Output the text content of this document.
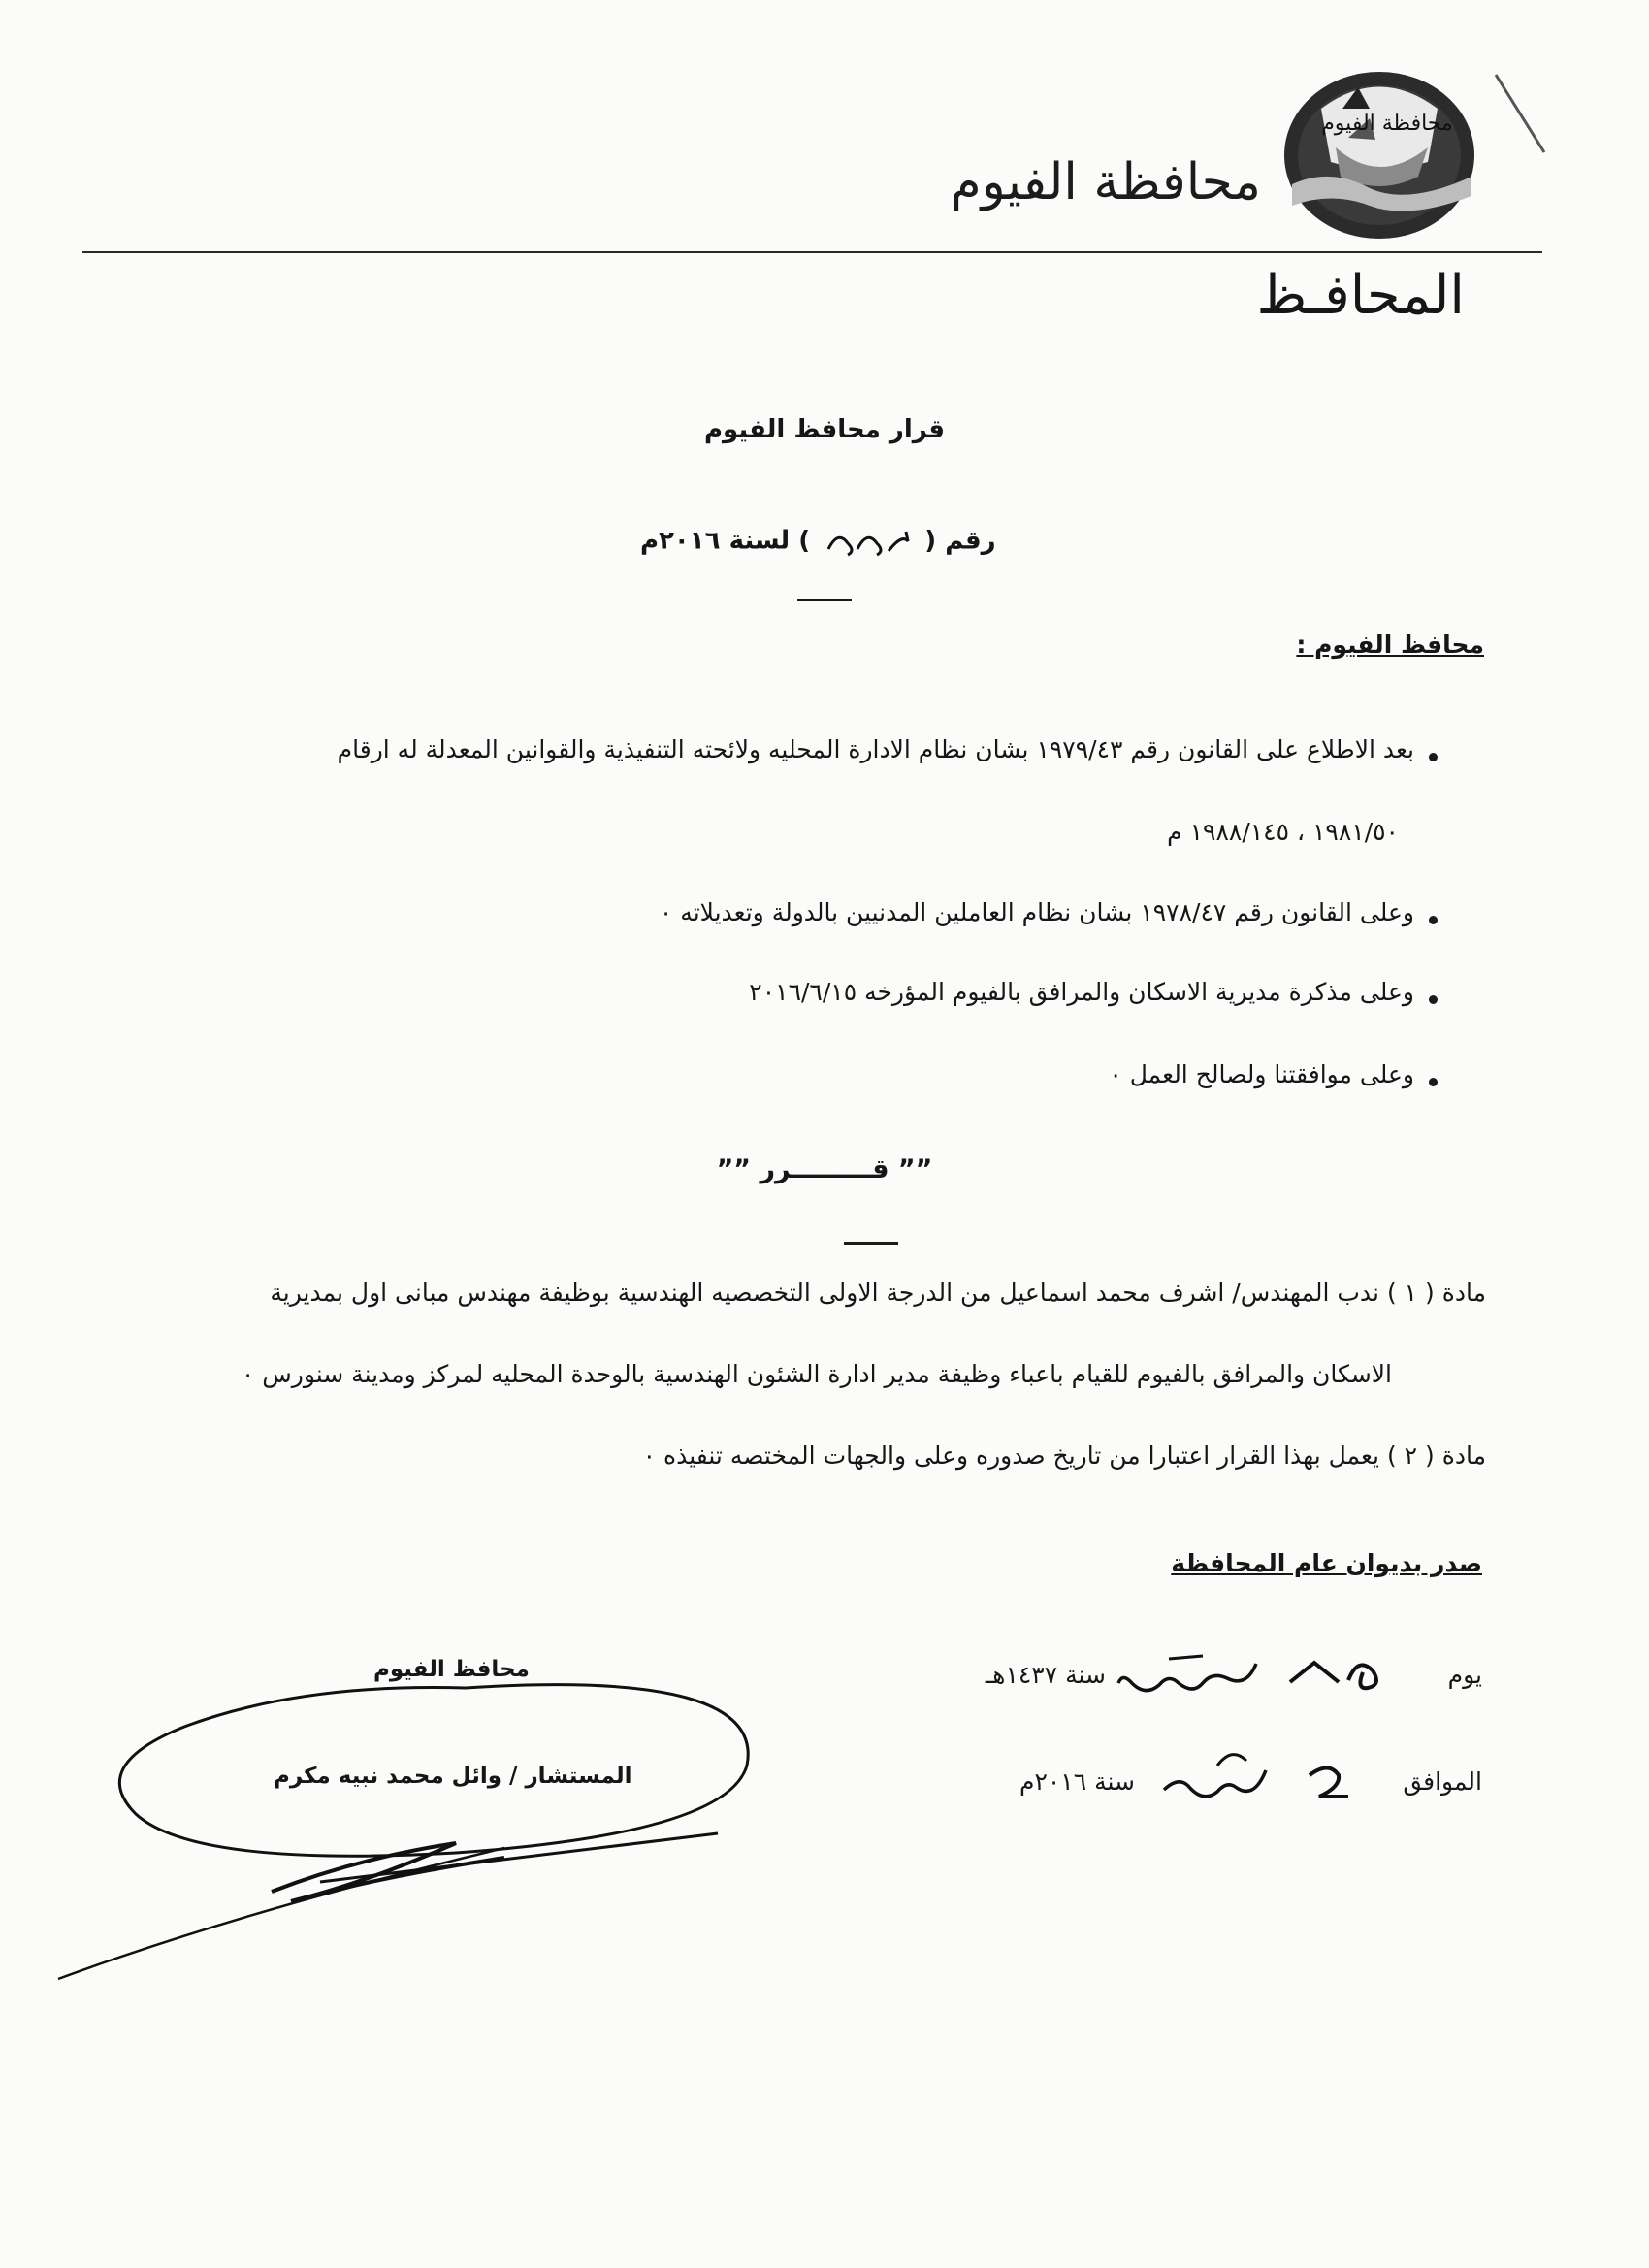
محافظة الفيوم
محافظة الفيوم
المحافـظ
قرار محافظ الفيوم
رقم (  ) لسنة ٢٠١٦م
محافظ الفيوم :
بعد الاطلاع على القانون رقم ١٩٧٩/٤٣ بشان نظام الادارة المحليه ولائحته التنفيذية والقوانين المعدلة له ارقام
١٩٨١/٥٠ ، ١٩٨٨/١٤٥ م
وعلى القانون رقم ١٩٧٨/٤٧ بشان نظام العاملين المدنيين بالدولة وتعديلاته ٠
وعلى مذكرة مديرية الاسكان والمرافق بالفيوم المؤرخه ٢٠١٦/٦/١٥
وعلى موافقتنا ولصالح العمل ٠
”” قـــــــــرر ””
مادة ( ١ ) ندب المهندس/ اشرف محمد اسماعيل من الدرجة الاولى التخصصيه الهندسية بوظيفة مهندس مبانى اول بمديرية
الاسكان والمرافق بالفيوم للقيام باعباء وظيفة مدير ادارة الشئون الهندسية بالوحدة المحليه لمركز ومدينة سنورس ٠
مادة ( ٢ ) يعمل بهذا القرار اعتبارا من تاريخ صدوره وعلى والجهات المختصه تنفيذه ٠
صدر بديوان عام المحافظة
يوم
سنة ١٤٣٧هـ
الموافق
سنة ٢٠١٦م
محافظ الفيوم
المستشار / وائل محمد نبيه مكرم
